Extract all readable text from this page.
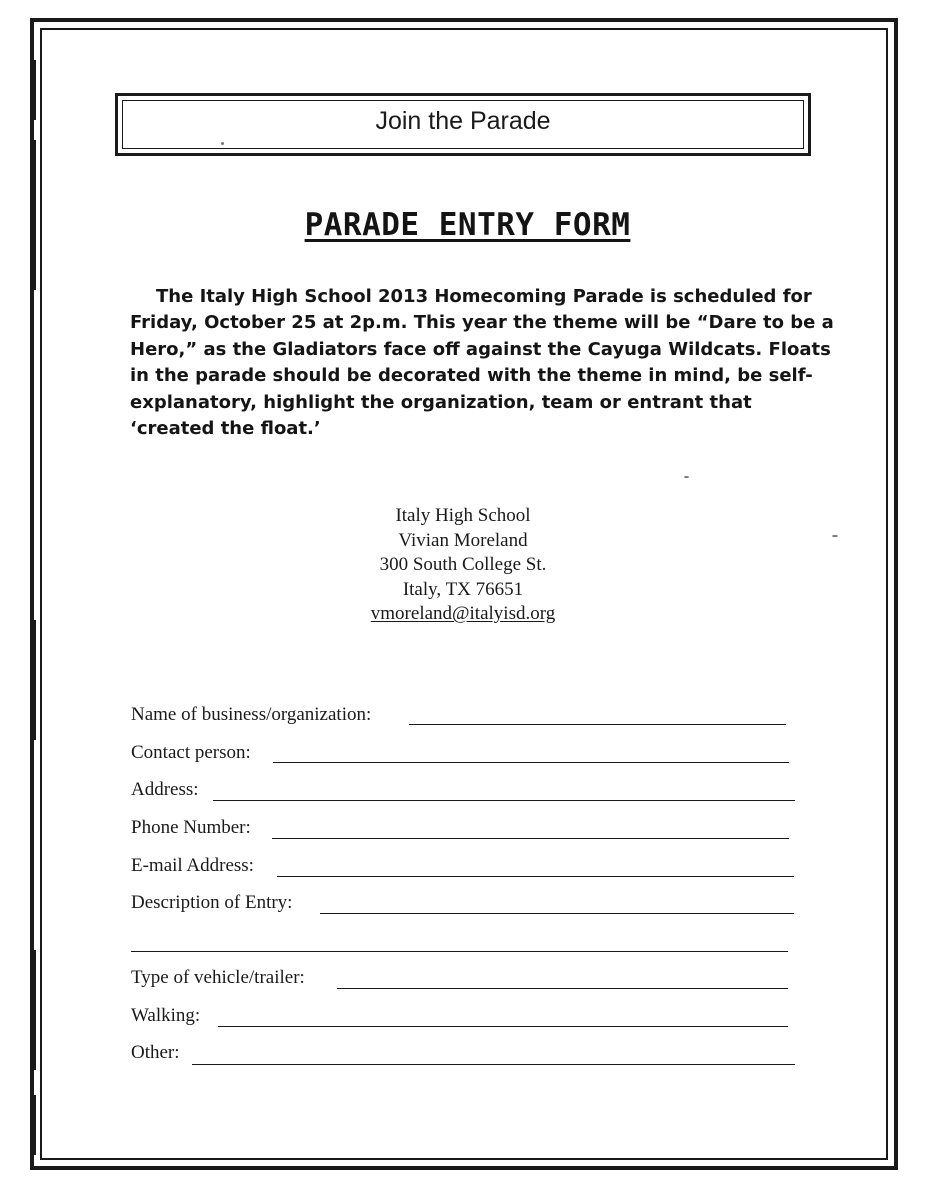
Join the Parade
PARADE ENTRY FORM
The Italy High School 2013 Homecoming Parade is scheduled for Friday, October 25 at 2p.m. This year the theme will be “Dare to be a Hero,” as the Gladiators face off against the Cayuga Wildcats. Floats in the parade should be decorated with the theme in mind, be self-explanatory, highlight the organization, team or entrant that ‘created the float.’
Italy High School
Vivian Moreland
300 South College St.
Italy, TX 76651
vmoreland@italyisd.org
Name of business/organization:
Contact person:
Address:
Phone Number:
E-mail Address:
Description of Entry:
Type of vehicle/trailer:
Walking:
Other:
